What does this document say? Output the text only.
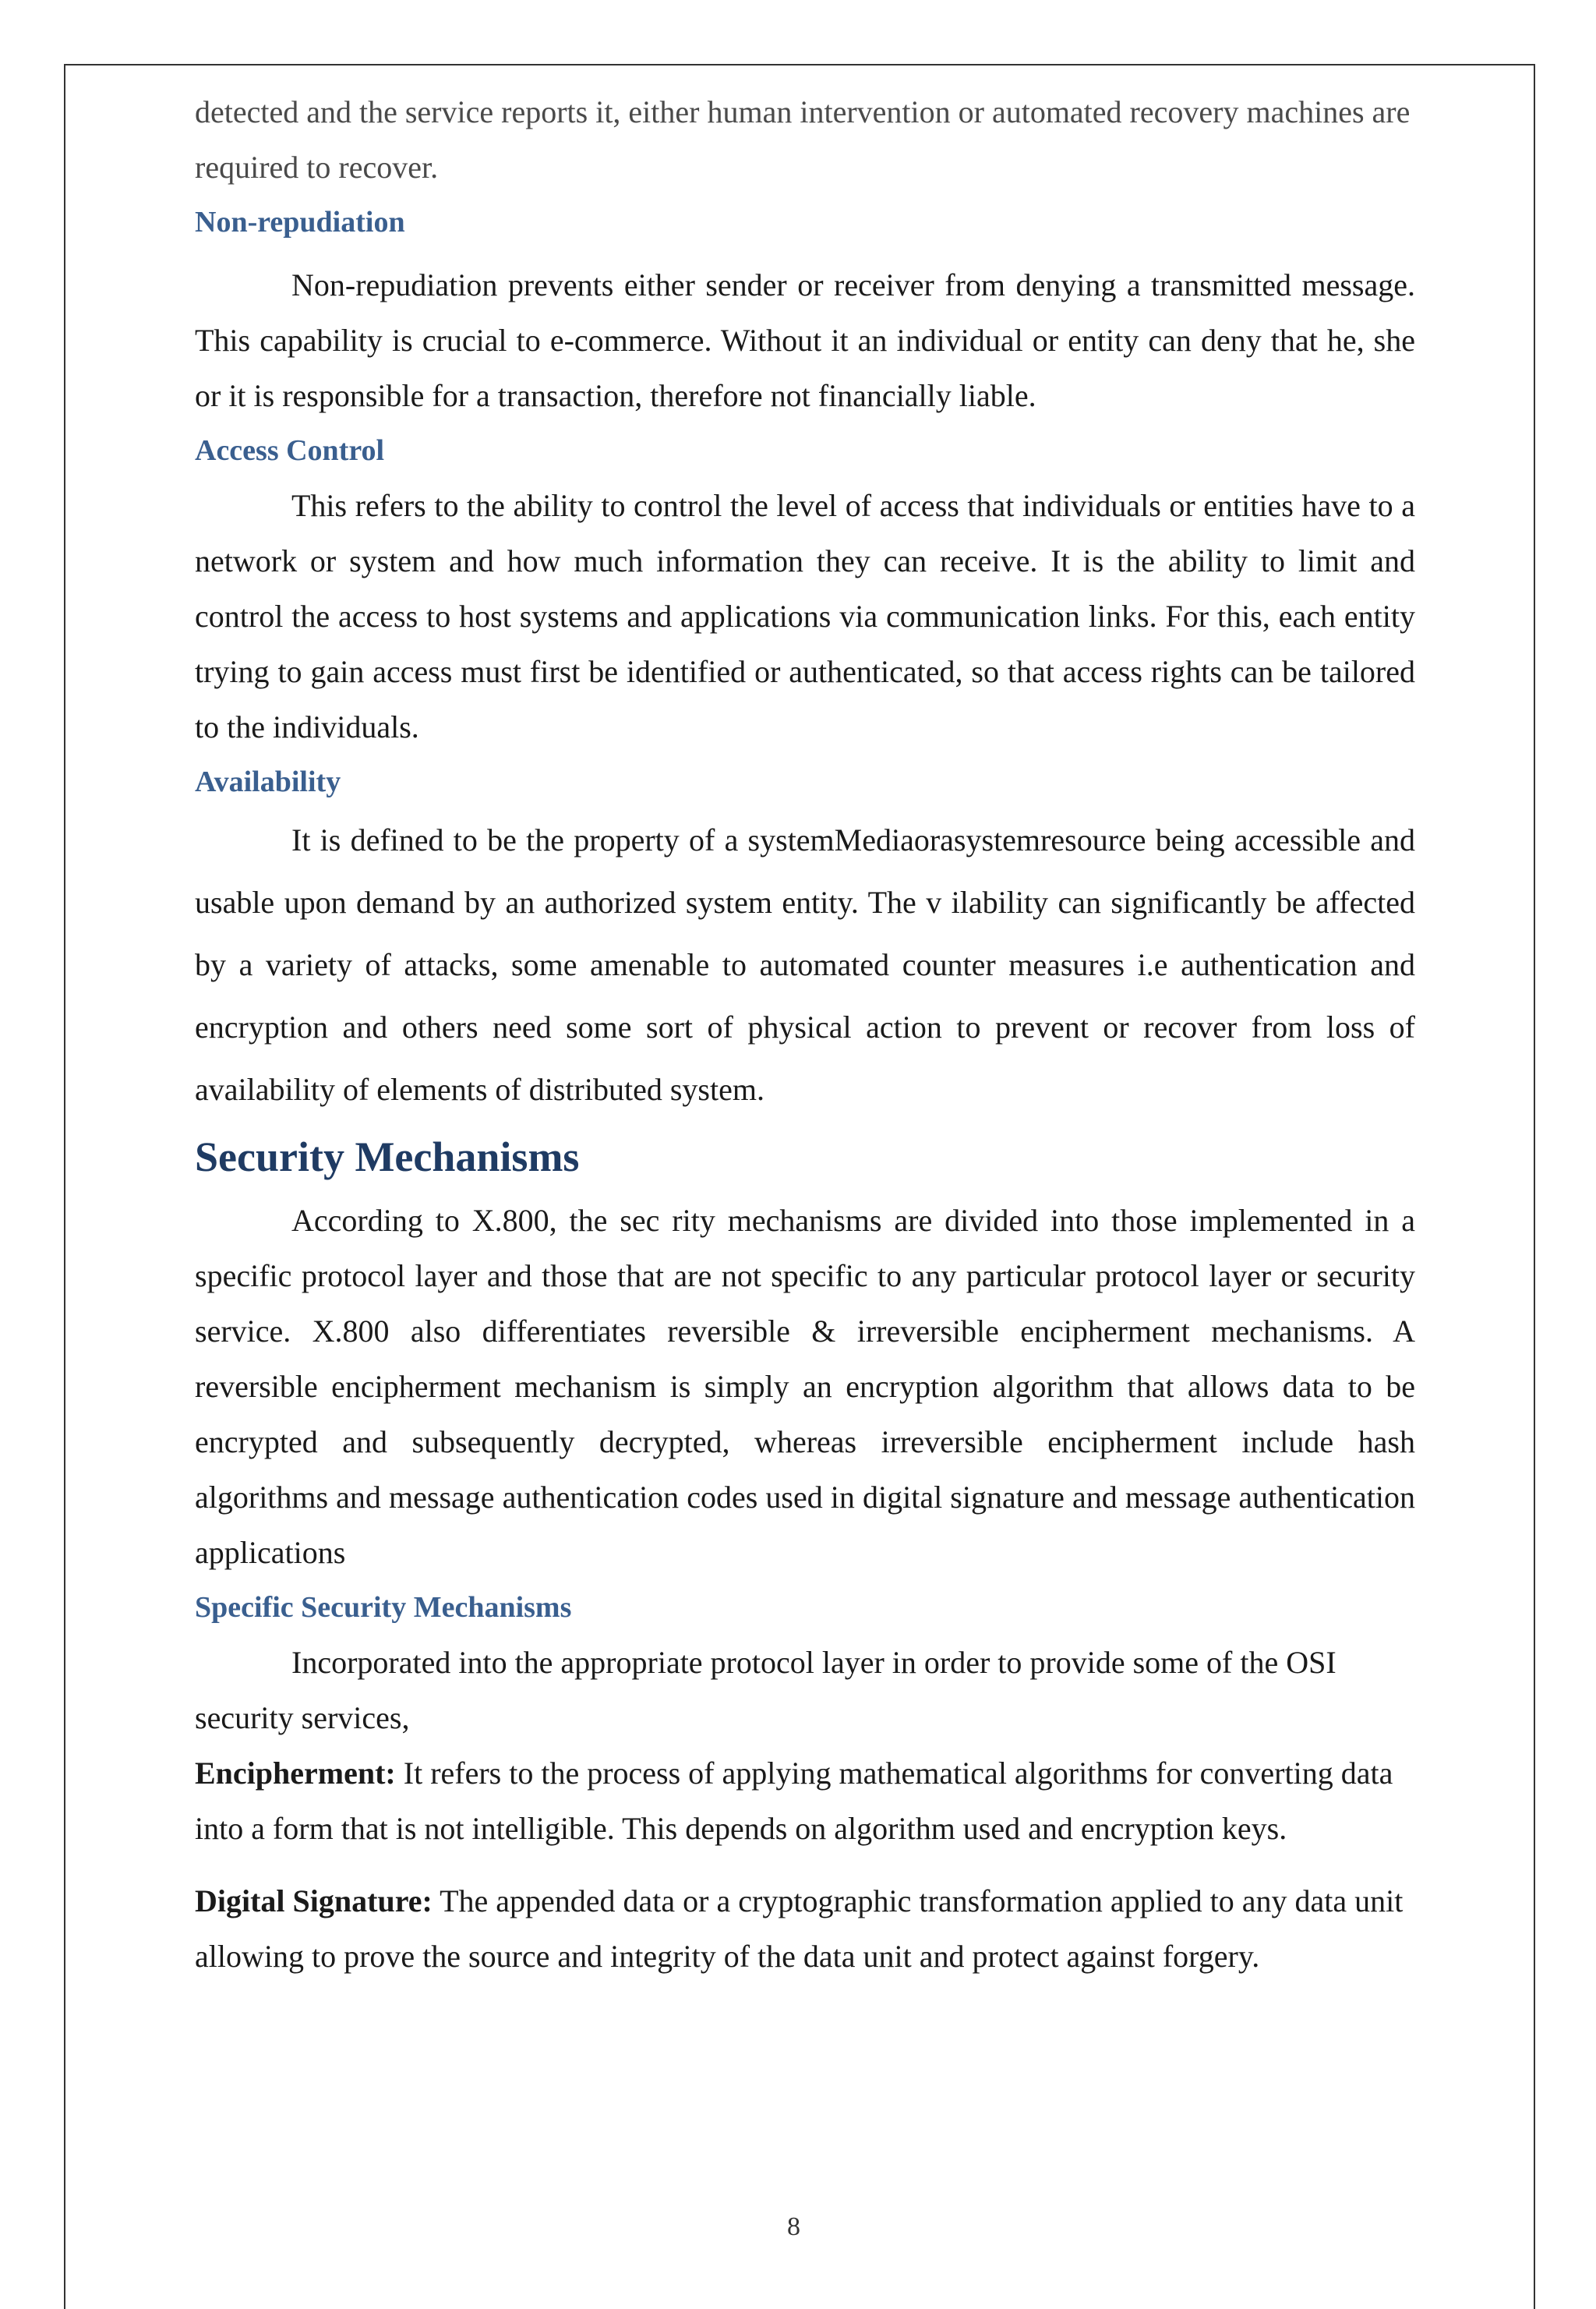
detected and the service reports it, either human intervention or automated recovery machines are required to recover.

Non-repudiation

Non-repudiation prevents either sender or receiver from denying a transmitted message. This capability is crucial to e-commerce. Without it an individual or entity can deny that he, she or it is responsible for a transaction, therefore not financially liable.

Access Control

This refers to the ability to control the level of access that individuals or entities have to a network or system and how much information they can receive. It is the ability to limit and control the access to host systems and applications via communication links. For this, each entity trying to gain access must first be identified or authenticated, so that access rights can be tailored to the individuals.

Availability

It is defined to be the property of a systemMediaorasystemresource being accessible and usable upon demand by an authorized system entity. The v ilability can significantly be affected by a variety of attacks, some amenable to automated counter measures i.e authentication and encryption and others need some sort of physical action to prevent or recover from loss of availability of elements of distributed system.

Security Mechanisms

According to X.800, the sec rity mechanisms are divided into those implemented in a specific protocol layer and those that are not specific to any particular protocol layer or security service. X.800 also differentiates reversible & irreversible encipherment mechanisms. A reversible encipherment mechanism is simply an encryption algorithm that allows data to be encrypted and subsequently decrypted, whereas irreversible encipherment include hash algorithms and message authentication codes used in digital signature and message authentication applications

Specific Security Mechanisms

Incorporated into the appropriate protocol layer in order to provide some of the OSI security services,

Encipherment: It refers to the process of applying mathematical algorithms for converting data into a form that is not intelligible. This depends on algorithm used and encryption keys.

Digital Signature: The appended data or a cryptographic transformation applied to any data unit allowing to prove the source and integrity of the data unit and protect against forgery.

8
